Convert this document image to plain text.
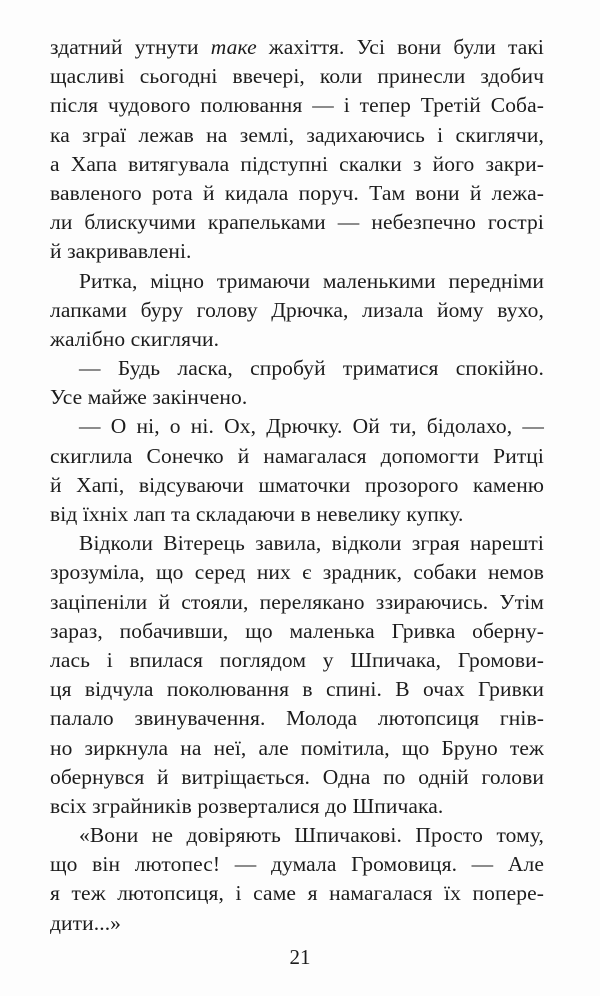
здатний утнути таке жахіття. Усі вони були такі
щасливі сьогодні ввечері, коли принесли здобич
після чудового полювання — і тепер Третій Соба-
ка зграї лежав на землі, задихаючись і скиглячи,
а Хапа витягувала підступні скалки з його закри-
вавленого рота й кидала поруч. Там вони й лежа-
ли блискучими крапельками — небезпечно гострі
й закривавлені.
Ритка, міцно тримаючи маленькими передніми
лапками буру голову Дрючка, лизала йому вухо,
жалібно скиглячи.
— Будь ласка, спробуй триматися спокійно.
Усе майже закінчено.
— О ні, о ні. Ох, Дрючку. Ой ти, бідолахо, —
скиглила Сонечко й намагалася допомогти Ритці
й Хапі, відсуваючи шматочки прозорого каменю
від їхніх лап та складаючи в невелику купку.
Відколи Вітерець завила, відколи зграя нарешті
зрозуміла, що серед них є зрадник, собаки немов
заціпеніли й стояли, перелякано ззираючись. Утім
зараз, побачивши, що маленька Гривка оберну-
лась і впилася поглядом у Шпичака, Громови-
ця відчула поколювання в спині. В очах Гривки
палало звинувачення. Молода лютопсиця гнів-
но зиркнула на неї, але помітила, що Бруно теж
обернувся й витріщається. Одна по одній голови
всіх зграйників розверталися до Шпичака.
«Вони не довіряють Шпичакові. Просто тому,
що він лютопес! — думала Громовиця. — Але
я теж лютопсиця, і саме я намагалася їх попере-
дити...»
21
